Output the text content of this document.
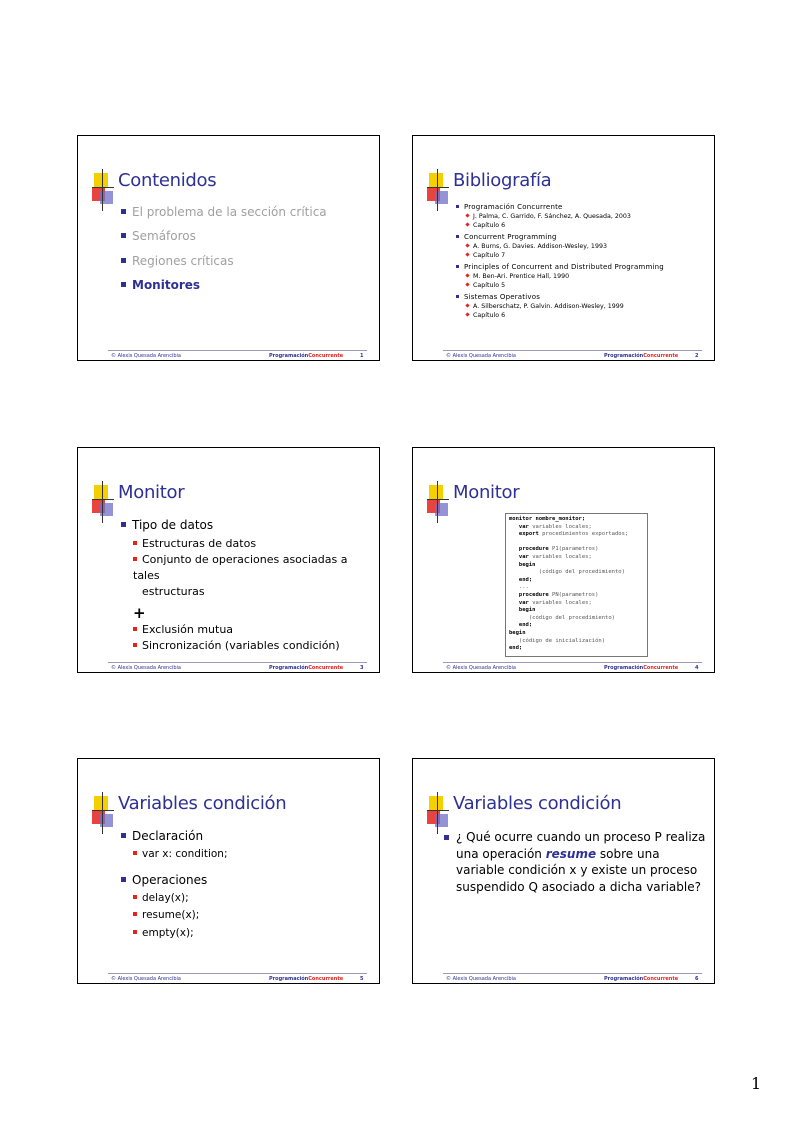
Contenidos
El problema de la sección crítica
Semáforos
Regiones críticas
Monitores
© Alexis Quesada Arencibia	ProgramaciónConcurrente	1
Bibliografía
Programación Concurrente
J. Palma, C. Garrido, F. Sánchez, A. Quesada, 2003
Capítulo 6
Concurrent Programming
A. Burns, G. Davies. Addison-Wesley, 1993
Capítulo 7
Principles of Concurrent and Distributed Programming
M. Ben-Ari. Prentice Hall, 1990
Capítulo 5
Sistemas Operativos
A. Silberschatz, P. Galvin. Addison-Wesley, 1999
Capítulo 6
© Alexis Quesada Arencibia	ProgramaciónConcurrente	2
Monitor
Tipo de datos
Estructuras de datos
Conjunto de operaciones asociadas a tales
estructuras
+
Exclusión mutua
Sincronización (variables condición)
© Alexis Quesada Arencibia	ProgramaciónConcurrente	3
Monitor
monitor nombre_monitor;
var variables locales;
export procedimientos exportados;

procedure P1(parametros)
var variables locales;
begin
(código del procedimiento)
end;
...
procedure PN(parametros)
var variables locales;
begin
(código del procedimiento)
end;
begin
(código de inicialización)
end;
© Alexis Quesada Arencibia	ProgramaciónConcurrente	4
Variables condición
Declaración
var x: condition;
Operaciones
delay(x);
resume(x);
empty(x);
© Alexis Quesada Arencibia	ProgramaciónConcurrente	5
Variables condición
¿ Qué ocurre cuando un proceso P realiza una operación resume sobre una variable condición x y existe un proceso suspendido Q asociado a dicha variable?
© Alexis Quesada Arencibia	ProgramaciónConcurrente	6
1
